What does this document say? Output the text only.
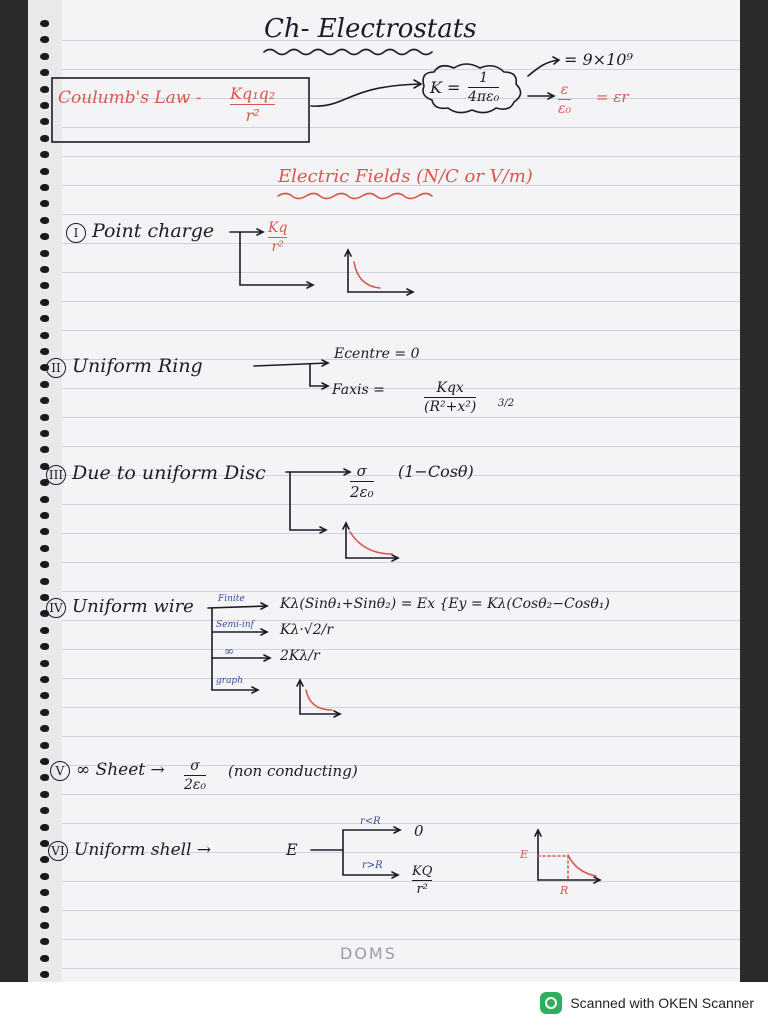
Ch- Electrostats
Coulumb's Law - Kq₁q₂
r²
K = 1
4πε₀
= 9×10⁹
ε
ε₀
= εr
Electric Fields (N/C or V/m)
I Point charge	Kq
r²
II Uniform Ring
Eсentre = 0
Faxis =	Kqx
(R²+x²) 3/2
III Due to uniform Disc	σ
2ε₀
(1−Cosθ)
IV Uniform wire	Finite	Kλ(Sinθ₁+Sinθ₂) = Ex {Ey = Kλ(Cosθ₂−Cosθ₁)
Semi-inf Kλ·√2/r
∞	2Kλ/r
graph
V ∞ Sheet → σ
2ε₀
(non conducting)
VI Uniform shell →	E
r<R
0
r>R KQ
r²
E
R
DOMS
Scanned with OKEN Scanner
